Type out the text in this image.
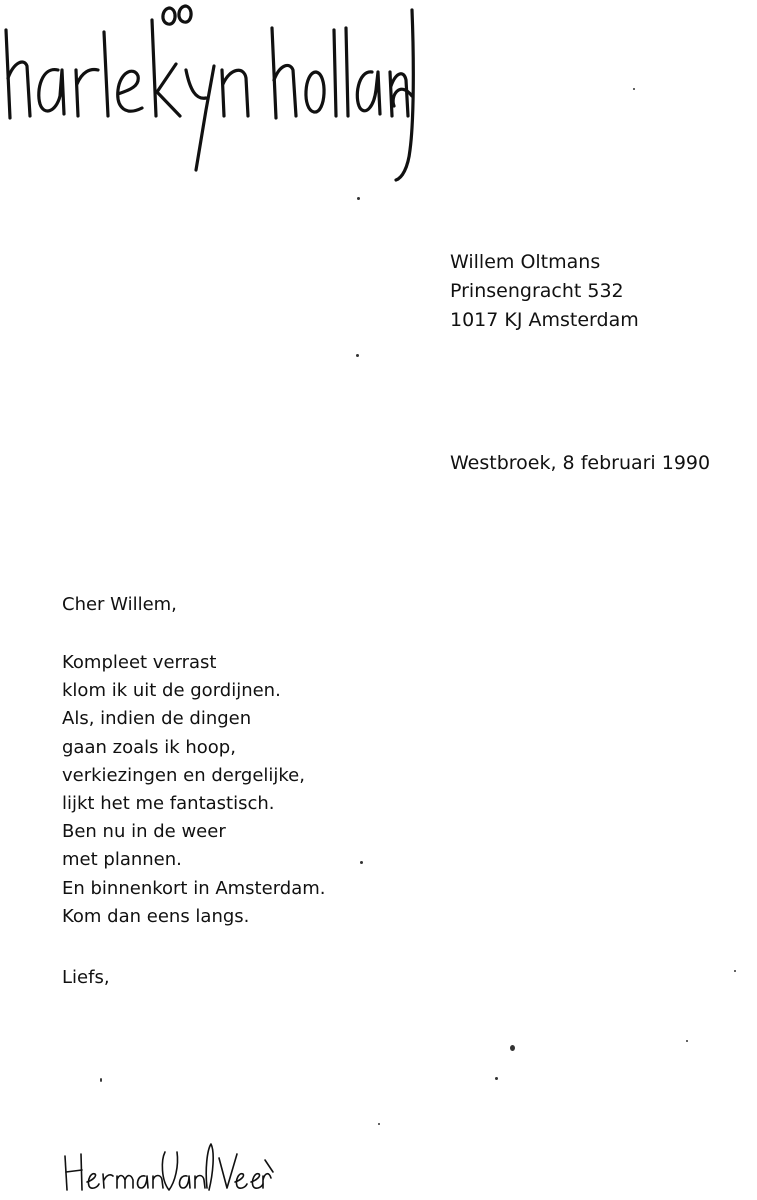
Willem Oltmans
Prinsengracht 532
1017 KJ Amsterdam
Westbroek, 8 februari 1990
Cher Willem,
Kompleet verrast
klom ik uit de gordijnen.
Als, indien de dingen
gaan zoals ik hoop,
verkiezingen en dergelijke,
lijkt het me fantastisch.
Ben nu in de weer
met plannen.
En binnenkort in Amsterdam.
Kom dan eens langs.
Liefs,
